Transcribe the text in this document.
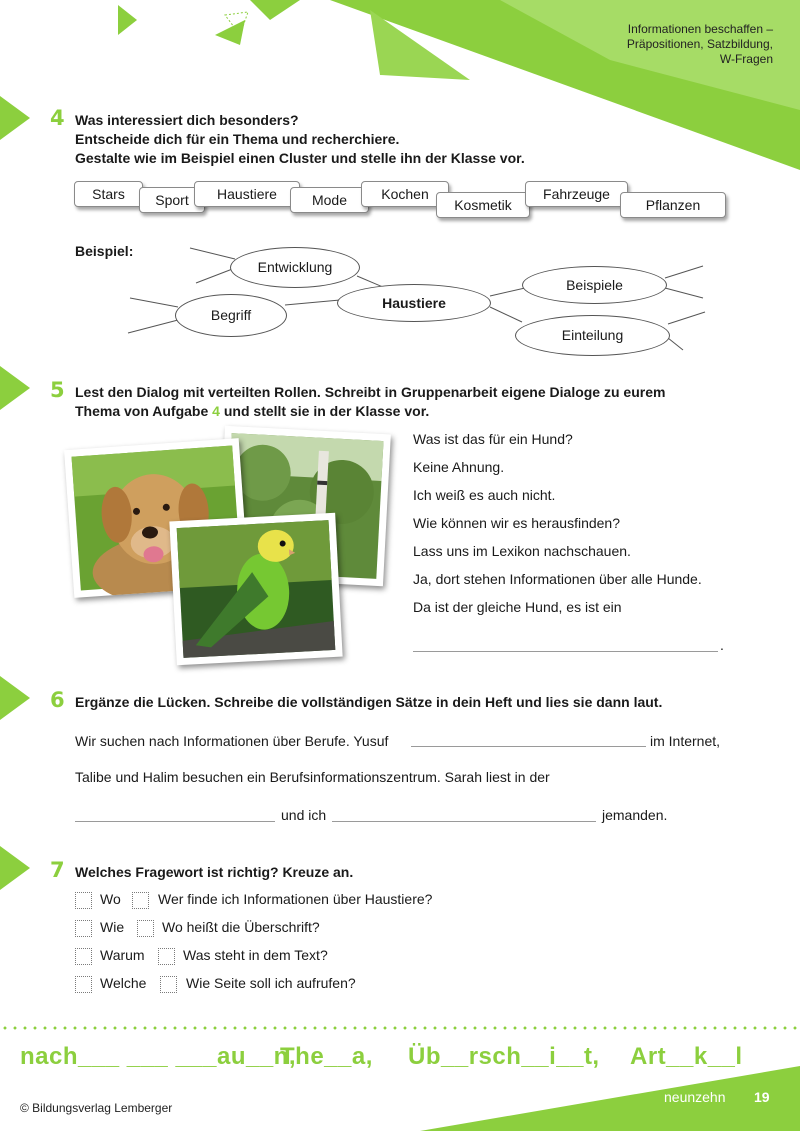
Informationen beschaffen –
Präpositionen, Satzbildung,
W-Fragen
4 Was interessiert dich besonders?
Entscheide dich für ein Thema und recherchiere.
Gestalte wie im Beispiel einen Cluster und stelle ihn der Klasse vor.
Stars	Sport	Haustiere	Mode	Kochen
Kosmetik
Fahrzeuge
Pflanzen
Beispiel:
Entwicklung
Begriff
Haustiere
Beispiele
Einteilung
5 Lest den Dialog mit verteilten Rollen. Schreibt in Gruppenarbeit eigene Dialoge zu eurem
Thema von Aufgabe 4 und stellt sie in der Klasse vor.
Was ist das für ein Hund?
Keine Ahnung.
Ich weiß es auch nicht.
Wie können wir es herausfinden?
Lass uns im Lexikon nachschauen.
Ja, dort stehen Informationen über alle Hunde.
Da ist der gleiche Hund, es ist ein
.
6 Ergänze die Lücken. Schreibe die vollständigen Sätze in dein Heft und lies sie dann laut.
Wir suchen nach Informationen über Berufe. Yusuf	im Internet,
Talibe und Halim besuchen ein Berufsinformationszentrum. Sarah liest in der
und ich	jemanden.
7 Welches Fragewort ist richtig? Kreuze an.
Wo	Wer finde ich Informationen über Haustiere?
Wie	Wo heißt die Überschrift?
Warum	Was steht in dem Text?
Welche	Wie Seite soll ich aufrufen?
nach___ ___ ___au__n,
The__a, Üb__rsch__i__t, Art__k__l
© Bildungsverlag Lemberger
neunzehn 19
